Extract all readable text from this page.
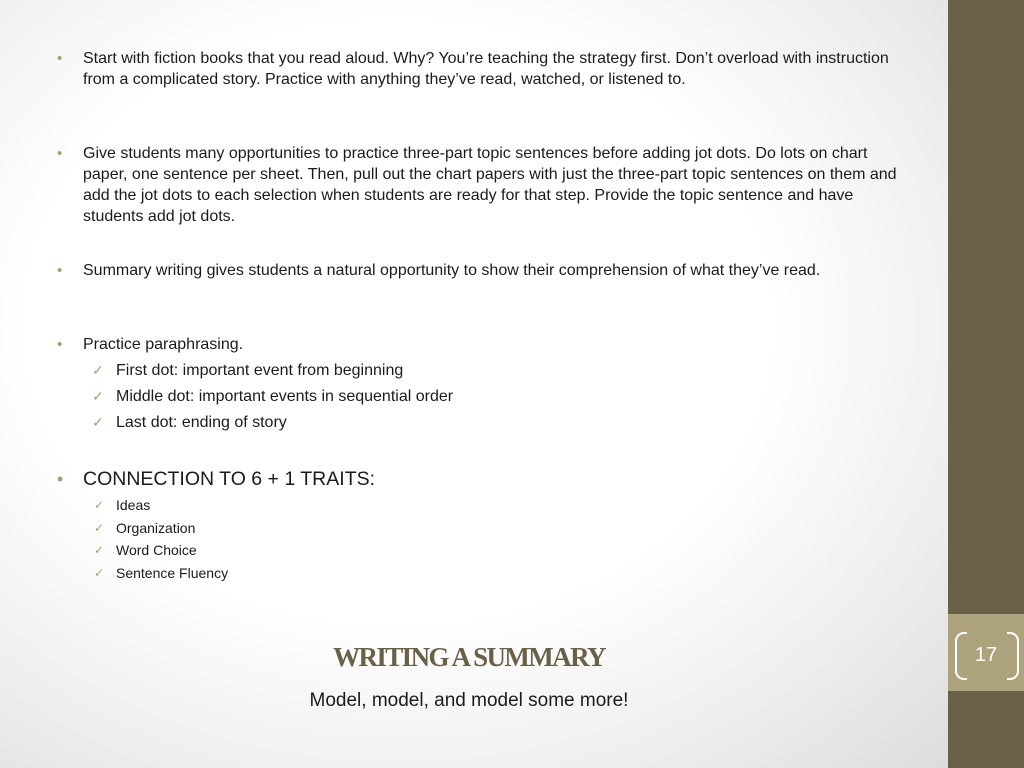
17
• Start with fiction books that you read aloud. Why? You’re teaching the strategy first. Don’t overload with instruction from a complicated story. Practice with anything they’ve read, watched, or listened to.
• Give students many opportunities to practice three-part topic sentences before adding jot dots. Do lots on chart paper, one sentence per sheet. Then, pull out the chart papers with just the three-part topic sentences on them and add the jot dots to each selection when students are ready for that step. Provide the topic sentence and have students add jot dots.
• Summary writing gives students a natural opportunity to show their comprehension of what they’ve read.
• Practice paraphrasing.
✓ First dot: important event from beginning
✓ Middle dot: important events in sequential order
✓ Last dot: ending of story
• CONNECTION TO 6 + 1 TRAITS:
✓ Ideas
✓ Organization
✓ Word Choice
✓ Sentence Fluency
WRITING A SUMMARY
Model, model, and model some more!
